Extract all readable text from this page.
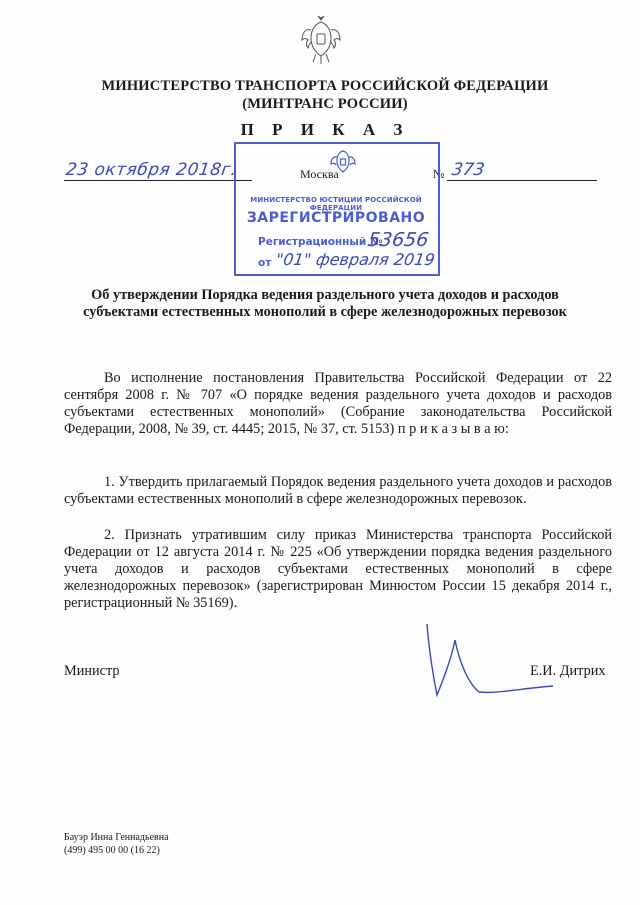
МИНИСТЕРСТВО ТРАНСПОРТА РОССИЙСКОЙ ФЕДЕРАЦИИ
(МИНТРАНС РОССИИ)
П Р И К А З
23 октября 2018г.	Москва	№ 373
МИНИСТЕРСТВО ЮСТИЦИИ РОССИЙСКОЙ ФЕДЕРАЦИИ
ЗАРЕГИСТРИРОВАНО
Регистрационный №
53656
от "01" февраля 2019
Об утверждении Порядка ведения раздельного учета доходов и расходов субъектами естественных монополий в сфере железнодорожных перевозок
Во исполнение постановления Правительства Российской Федерации от 22 сентября 2008 г. № 707 «О порядке ведения раздельного учета доходов и расходов субъектами естественных монополий» (Собрание законодательства Российской Федерации, 2008, № 39, ст. 4445; 2015, № 37, ст. 5153) п р и к а з ы в а ю:
1. Утвердить прилагаемый Порядок ведения раздельного учета доходов и расходов субъектами естественных монополий в сфере железнодорожных перевозок.
2. Признать утратившим силу приказ Министерства транспорта Российской Федерации от 12 августа 2014 г. № 225 «Об утверждении порядка ведения раздельного учета доходов и расходов субъектами естественных монополий в сфере железнодорожных перевозок» (зарегистрирован Минюстом России 15 декабря 2014 г., регистрационный № 35169).
Министр	Е.И. Дитрих
Бауэр Инна Геннадьевна
(499) 495 00 00 (16 22)
